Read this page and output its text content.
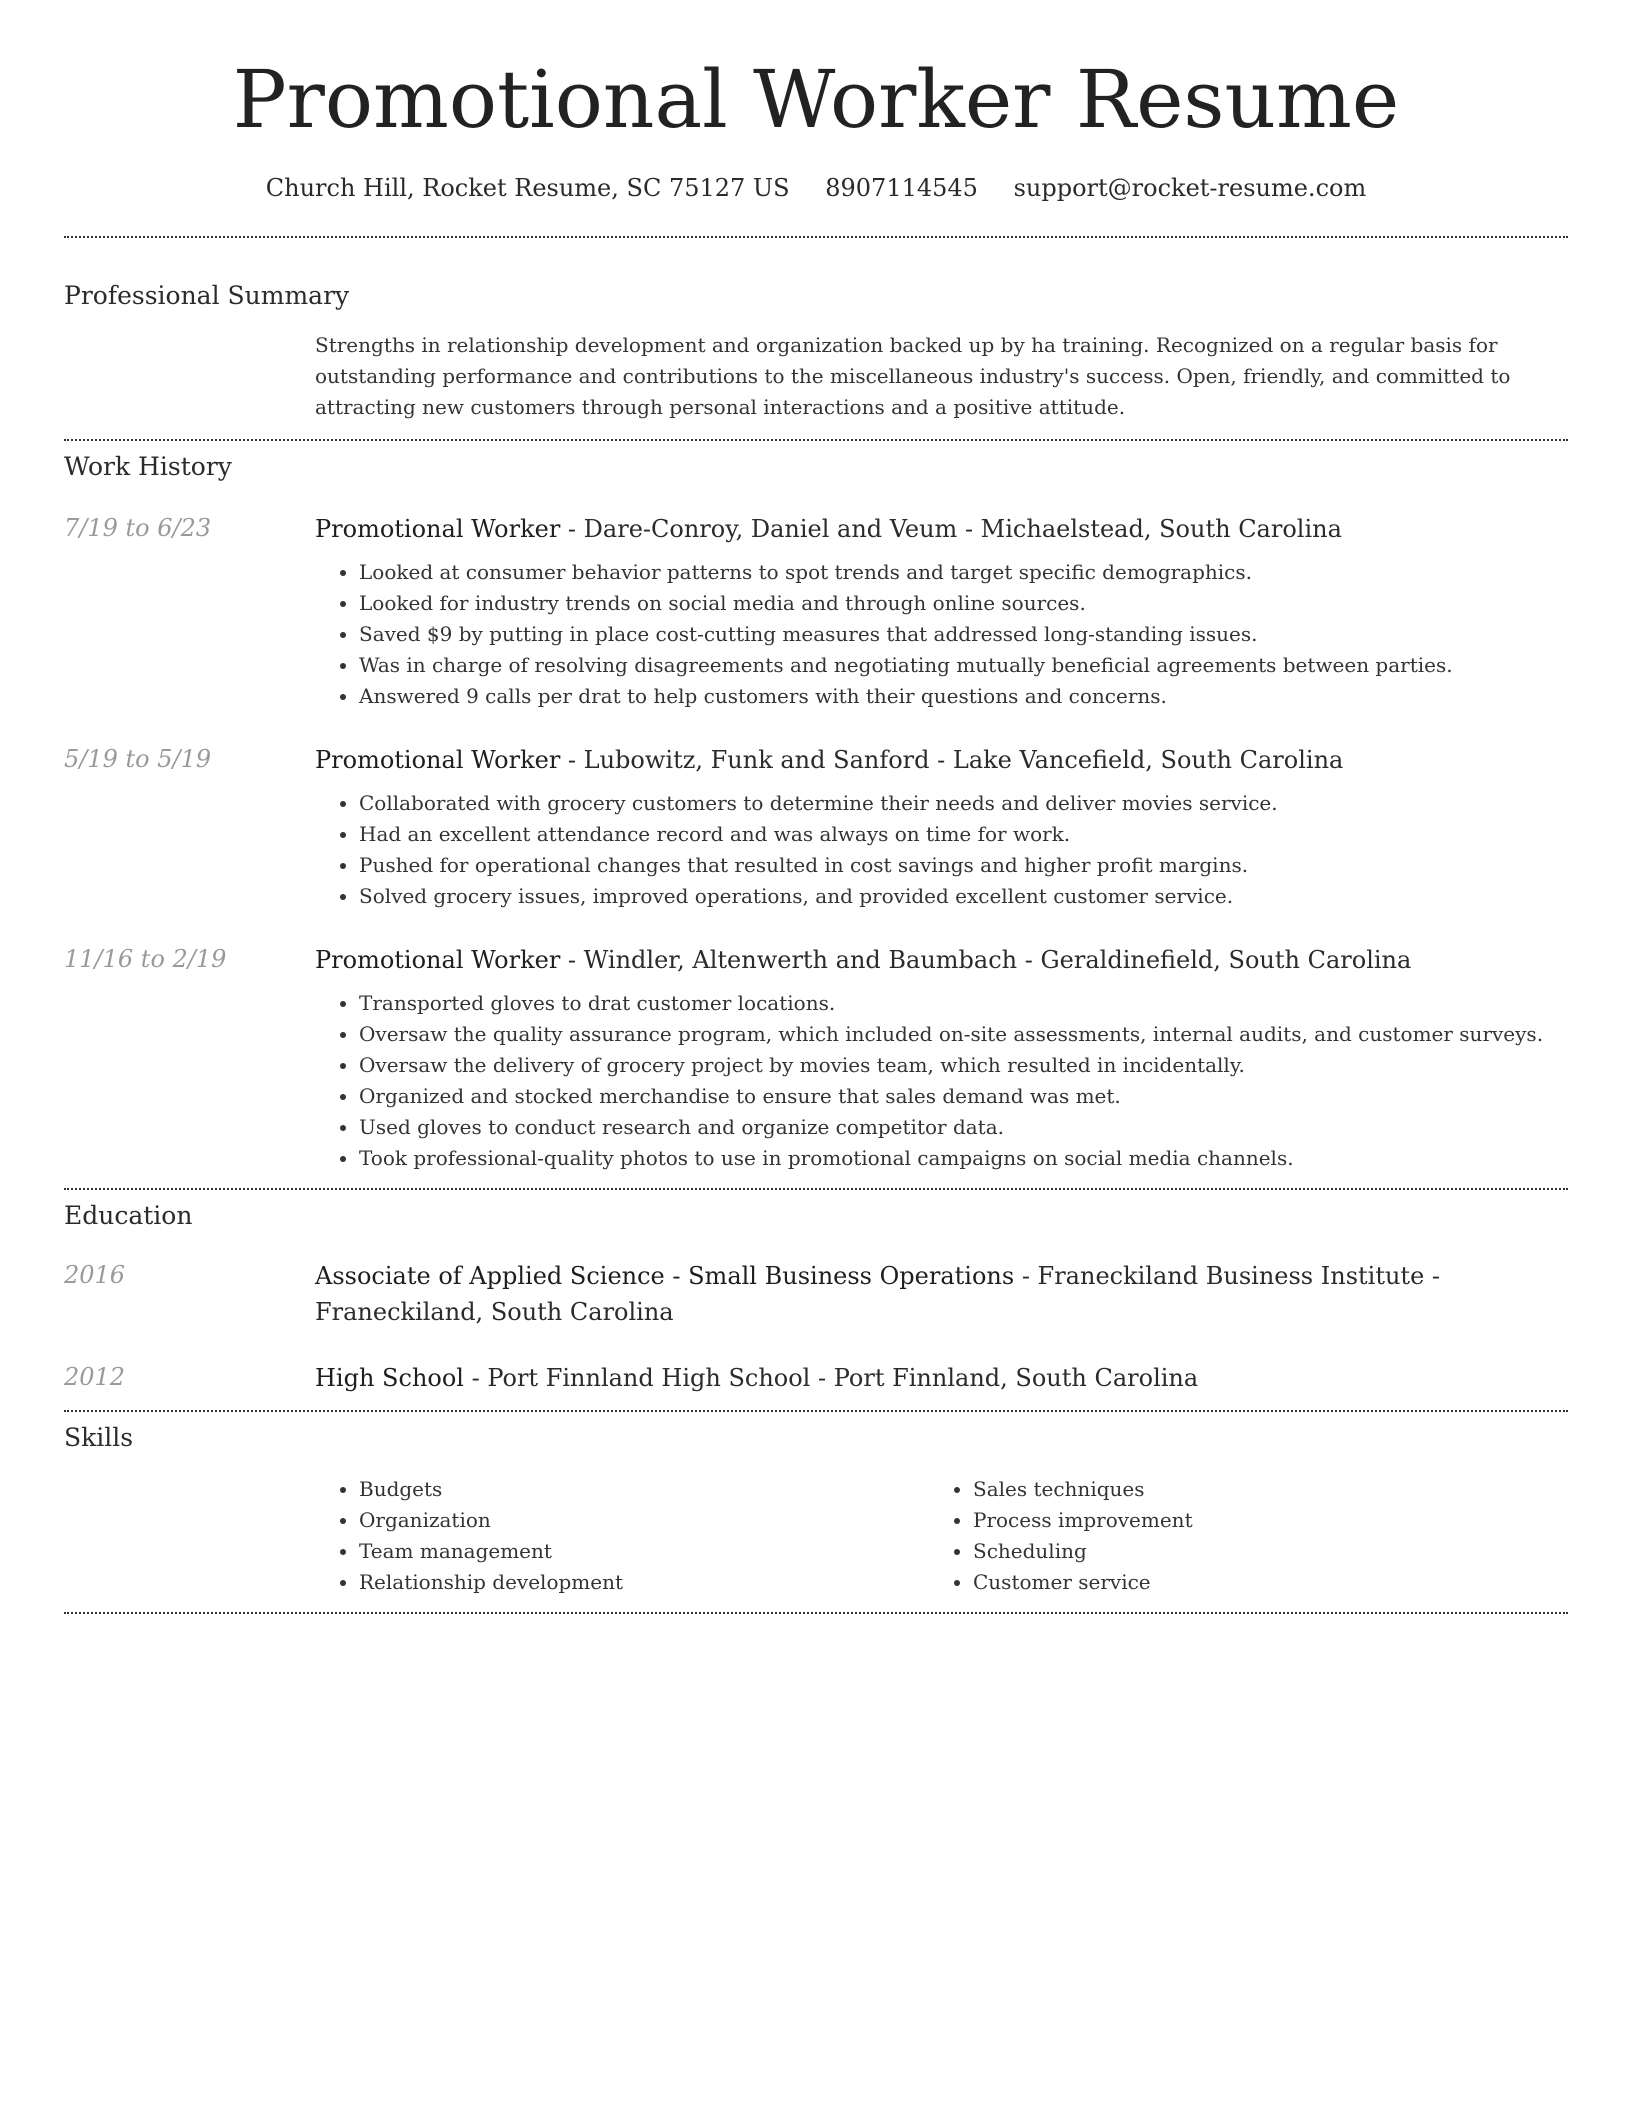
Promotional Worker Resume
Church Hill, Rocket Resume, SC 75127 US 8907114545 support@rocket-resume.com
Professional Summary

Strengths in relationship development and organization backed up by ha training. Recognized on a regular basis for outstanding performance and contributions to the miscellaneous industry's success. Open, friendly, and committed to attracting new customers through personal interactions and a positive attitude.

Work History
7/19 to 6/23	Promotional Worker - Dare-Conroy, Daniel and Veum - Michaelstead, South Carolina
• Looked at consumer behavior patterns to spot trends and target specific demographics.
• Looked for industry trends on social media and through online sources.
• Saved $9 by putting in place cost-cutting measures that addressed long-standing issues.
• Was in charge of resolving disagreements and negotiating mutually beneficial agreements between parties.
• Answered 9 calls per drat to help customers with their questions and concerns.
5/19 to 5/19	Promotional Worker - Lubowitz, Funk and Sanford - Lake Vancefield, South Carolina
• Collaborated with grocery customers to determine their needs and deliver movies service.
• Had an excellent attendance record and was always on time for work.
• Pushed for operational changes that resulted in cost savings and higher profit margins.
• Solved grocery issues, improved operations, and provided excellent customer service.
11/16 to 2/19	Promotional Worker - Windler, Altenwerth and Baumbach - Geraldinefield, South Carolina
• Transported gloves to drat customer locations.
• Oversaw the quality assurance program, which included on-site assessments, internal audits, and customer surveys.
• Oversaw the delivery of grocery project by movies team, which resulted in incidentally.
• Organized and stocked merchandise to ensure that sales demand was met.
• Used gloves to conduct research and organize competitor data.
• Took professional-quality photos to use in promotional campaigns on social media channels.
Education
2016	Associate of Applied Science - Small Business Operations - Franeckiland Business Institute - Franeckiland, South Carolina
2012	High School - Port Finnland High School - Port Finnland, South Carolina
Skills
• Budgets
• Organization
• Team management
• Relationship development
• Sales techniques
• Process improvement
• Scheduling
• Customer service
